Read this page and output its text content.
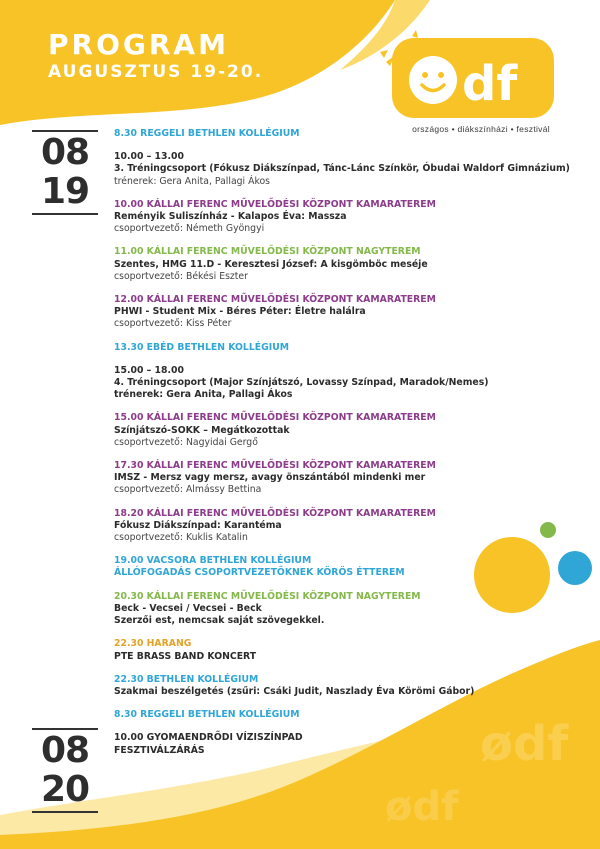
ødf
ødf
PROGRAM
AUGUSZTUS 19-20.	df
országos • diákszínházi • fesztivál
08
19
08
20
8.30 REGGELI BETHLEN KOLLÉGIUM
10.00 – 13.00
3. Tréningcsoport (Fókusz Diákszínpad, Tánc-Lánc Színkör, Óbudai Waldorf Gimnázium)
trénerek: Gera Anita, Pallagi Ákos
10.00 KÁLLAI FERENC MŰVELŐDÉSI KÖZPONT KAMARATEREM
Reményik Suliszínház - Kalapos Éva: Massza
csoportvezető: Németh Gyöngyi
11.00 KÁLLAI FERENC MŰVELŐDÉSI KÖZPONT NAGYTEREM
Szentes, HMG 11.D - Keresztesi József: A kisgömböc meséje
csoportvezető: Békési Eszter
12.00 KÁLLAI FERENC MŰVELŐDÉSI KÖZPONT KAMARATEREM
PHWI - Student Mix - Béres Péter: Életre halálra
csoportvezető: Kiss Péter
13.30 EBÉD BETHLEN KOLLÉGIUM
15.00 – 18.00
4. Tréningcsoport (Major Színjátszó, Lovassy Színpad, Maradok/Nemes)
trénerek: Gera Anita, Pallagi Ákos
15.00 KÁLLAI FERENC MŰVELŐDÉSI KÖZPONT KAMARATEREM
Színjátszó-SOKK – Megátkozottak
csoportvezető: Nagyidai Gergő
17.30 KÁLLAI FERENC MŰVELŐDÉSI KÖZPONT KAMARATEREM
IMSZ - Mersz vagy mersz, avagy önszántából mindenki mer
csoportvezető: Almássy Bettina
18.20 KÁLLAI FERENC MŰVELŐDÉSI KÖZPONT KAMARATEREM
Fókusz Diákszínpad: Karantéma
csoportvezető: Kuklis Katalin
19.00 VACSORA BETHLEN KOLLÉGIUM
ÁLLÓFOGADÁS CSOPORTVEZETŐKNEK KÖRÖS ÉTTEREM
20.30 KÁLLAI FERENC MŰVELŐDÉSI KÖZPONT NAGYTEREM
Beck - Vecsei / Vecsei - Beck
Szerzői est, nemcsak saját szövegekkel.
22.30 HARANG
PTE BRASS BAND KONCERT
22.30 BETHLEN KOLLÉGIUM
Szakmai beszélgetés (zsűri: Csáki Judit, Naszlady Éva Körömi Gábor)
8.30 REGGELI BETHLEN KOLLÉGIUM
10.00 GYOMAENDRŐDI VÍZISZÍNPAD
FESZTIVÁLZÁRÁS
